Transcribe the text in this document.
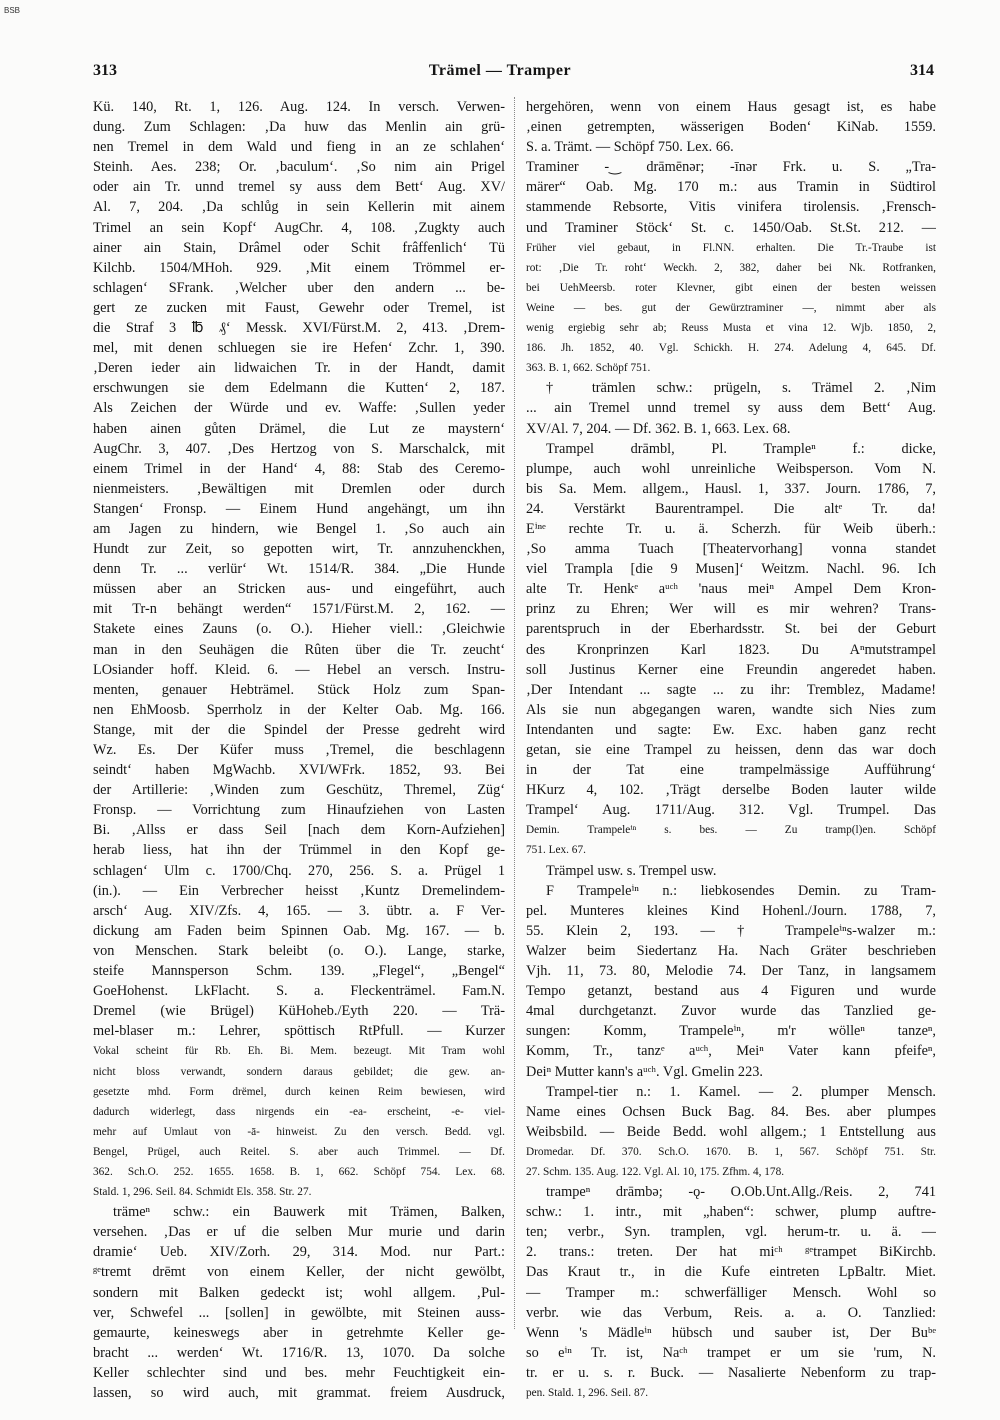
BSB
313	Trämel — Tramper	314
Kü. 140, Rt. 1, 126. Aug. 124. In versch. Verwen-
dung. Zum Schlagen: ‚Da huw das Menlin ain grü-
nen Tremel in dem Wald und fieng in an ze schlahen‘
Steinh. Aes. 238; Or. ‚baculum‘. ‚So nim ain Prigel
oder ain Tr. unnd tremel sy auss dem Bett‘ Aug. XV/
Al. 7, 204. ‚Da schlůg in sein Kellerin mit ainem
Trimel an sein Kopf‘ AugChr. 4, 108. ‚Zugkty auch
ainer ain Stain, Drâmel oder Schit frâffenlich‘ Tü
Kilchb. 1504/MHoh. 929. ‚Mit einem Trömmel er-
schlagen‘ SFrank. ‚Welcher uber den andern ... be-
gert ze zucken mit Faust, Gewehr oder Tremel, ist
die Straf 3 ℔ ₰‘ Messk. XVI/Fürst.M. 2, 413. ‚Drem-
mel, mit denen schluegen sie ire Hefen‘ Zchr. 1, 390.
‚Deren ieder ain lidwaichen Tr. in der Handt, damit
erschwungen sie dem Edelmann die Kutten‘ 2, 187.
Als Zeichen der Würde und ev. Waffe: ‚Sullen yeder
haben ainen gůten Drämel, die Lut ze maystern‘
AugChr. 3, 407. ‚Des Hertzog von S. Marschalck, mit
einem Trimel in der Hand‘ 4, 88: Stab des Ceremo-
nienmeisters. ‚Bewältigen mit Dremlen oder durch
Stangen‘ Fronsp. — Einem Hund angehängt, um ihn
am Jagen zu hindern, wie Bengel 1. ‚So auch ain
Hundt zur Zeit, so gepotten wirt, Tr. annzuhenckhen,
denn Tr. ... verlür‘ Wt. 1514/R. 384. „Die Hunde
müssen aber an Stricken aus- und eingeführt, auch
mit Tr-n behängt werden“ 1571/Fürst.M. 2, 162. —
Stakete eines Zauns (o. O.). Hieher viell.: ‚Gleichwie
man in den Seuhägen die Rûten über die Tr. zeucht‘
LOsiander hoff. Kleid. 6. — Hebel an versch. Instru-
menten, genauer Hebträmel. Stück Holz zum Span-
nen EhMoosb. Sperrholz in der Kelter Oab. Mg. 166.
Stange, mit der die Spindel der Presse gedreht wird
Wz. Es. Der Küfer muss ‚Tremel, die beschlagenn
seindt‘ haben MgWachb. XVI/WFrk. 1852, 93. Bei
der Artillerie: ‚Winden zum Geschütz, Thremel, Züg‘
Fronsp. — Vorrichtung zum Hinaufziehen von Lasten
Bi. ‚Allss er dass Seil [nach dem Korn-Aufziehen]
herab liess, hat ihn der Trümmel in den Kopf ge-
schlagen‘ Ulm c. 1700/Chq. 270, 256. S. a. Prügel 1
(in.). — Ein Verbrecher heisst ‚Kuntz Dremelindem-
arsch‘ Aug. XIV/Zfs. 4, 165. — 3. übtr. a. F Ver-
dickung am Faden beim Spinnen Oab. Mg. 167. — b.
von Menschen. Stark beleibt (o. O.). Lange, starke,
steife Mannsperson Schm. 139. „Flegel“, „Bengel“
GoeHohenst. LkFlacht. S. a. Fleckenträmel. Fam.N.
Dremel (wie Brügel) KüHoheb./Eyth 220. — Trä-
mel-blaser m.: Lehrer, spöttisch RtPfull. — Kurzer
Vokal scheint für Rb. Eh. Bi. Mem. bezeugt. Mit Tram wohl
nicht bloss verwandt, sondern daraus gebildet; die gew. an-
gesetzte mhd. Form drëmel, durch keinen Reim bewiesen, wird
dadurch widerlegt, dass nirgends ein -ea- erscheint, -e- viel-
mehr auf Umlaut von -ā- hinweist. Zu den versch. Bedd. vgl.
Bengel, Prügel, auch Reitel. S. aber auch Trimmel. — Df.
362. Sch.O. 252. 1655. 1658. B. 1, 662. Schöpf 754. Lex. 68.
Stald. 1, 296. Seil. 84. Schmidt Els. 358. Str. 27.
trämeⁿ schw.: ein Bauwerk mit Trämen, Balken,
versehen. ‚Das er uf die selben Mur murie und darin
dramie‘ Ueb. XIV/Zorh. 29, 314. Mod. nur Part.:
ᵍᵉtremt drēmt von einem Keller, der nicht gewölbt,
sondern mit Balken gedeckt ist; wohl allgem. ‚Pul-
ver, Schwefel ... [sollen] in gewölbte, mit Steinen auss-
gemaurte, keineswegs aber in getrehmte Keller ge-
bracht ... werden‘ Wt. 1716/R. 13, 1070. Da solche
Keller schlechter sind und bes. mehr Feuchtigkeit ein-
lassen, so wird auch, mit grammat. freiem Ausdruck,
hergehören, wenn von einem Haus gesagt ist, es habe
‚einen getrempten, wässerigen Boden‘ KiNab. 1559.
S. a. Trämt. — Schöpf 750. Lex. 66.
Traminer -‿ drāmēnər; -īnər Frk. u. S. „Tra-
märer“ Oab. Mg. 170 m.: aus Tramin in Südtirol
stammende Rebsorte, Vitis vinifera tirolensis. ‚Frensch-
und Traminer Stöck‘ St. c. 1450/Oab. St.St. 212. —
Früher viel gebaut, in Fl.NN. erhalten. Die Tr.-Traube ist
rot: ‚Die Tr. roht‘ Weckh. 2, 382, daher bei Nk. Rotfranken,
bei UehMeersb. roter Klevner, gibt einen der besten weissen
Weine — bes. gut der Gewürztraminer —, nimmt aber als
wenig ergiebig sehr ab; Reuss Musta et vina 12. Wjb. 1850, 2,
186. Jh. 1852, 40. Vgl. Schickh. H. 274. Adelung 4, 645. Df.
363. B. 1, 662. Schöpf 751.
† trämlen schw.: prügeln, s. Trämel 2. ‚Nim
... ain Tremel unnd tremel sy auss dem Bett‘ Aug.
XV/Al. 7, 204. — Df. 362. B. 1, 663. Lex. 68.
Trampel drāmbl, Pl. Trampleⁿ f.: dicke,
plumpe, auch wohl unreinliche Weibsperson. Vom N.
bis Sa. Mem. allgem., Hausl. 1, 337. Journ. 1786, 7,
24. Verstärkt Baurentrampel. Die altᵉ Tr. da!
Eⁱⁿᵉ rechte Tr. u. ä. Scherzh. für Weib überh.:
‚So amma Tuach [Theatervorhang] vonna standet
viel Trampla [die 9 Musen]‘ Weitzm. Nachl. 96. Ich
alte Tr. Henkᵉ aᵘᶜʰ 'naus meiⁿ Ampel Dem Kron-
prinz zu Ehren; Wer will es mir wehren? Trans-
parentspruch in der Eberhardsstr. St. bei der Geburt
des Kronprinzen Karl 1823. Du Aⁿmutstrampel
soll Justinus Kerner eine Freundin angeredet haben.
‚Der Intendant ... sagte ... zu ihr: Tremblez, Madame!
Als sie nun abgegangen waren, wandte sich Nies zum
Intendanten und sagte: Ew. Exc. haben ganz recht
getan, sie eine Trampel zu heissen, denn das war doch
in der Tat eine trampelmässige Aufführung‘
HKurz 4, 102. ‚Trägt derselbe Boden lauter wilde
Trampel‘ Aug. 1711/Aug. 312. Vgl. Trumpel. Das
Demin. Trampeleⁱⁿ s. bes. — Zu tramp(l)en. Schöpf
751. Lex. 67.
Trämpel usw. s. Trempel usw.
F Trampeleⁱⁿ n.: liebkosendes Demin. zu Tram-
pel. Munteres kleines Kind Hohenl./Journ. 1788, 7,
55. Klein 2, 193. — † Trampeleⁱⁿs-walzer m.:
Walzer beim Siedertanz Ha. Nach Gräter beschrieben
Vjh. 11, 73. 80, Melodie 74. Der Tanz, in langsamem
Tempo getanzt, bestand aus 4 Figuren und wurde
4mal durchgetanzt. Zuvor wurde das Tanzlied ge-
sungen: Komm, Trampeleⁱⁿ, m'r wölleⁿ tanzeⁿ,
Komm, Tr., tanzᵉ aᵘᶜʰ, Meiⁿ Vater kann pfeifeⁿ,
Deiⁿ Mutter kann's aᵘᶜʰ. Vgl. Gmelin 223.
Trampel-tier n.: 1. Kamel. — 2. plumper Mensch.
Name eines Ochsen Buck Bag. 84. Bes. aber plumpes
Weibsbild. — Beide Bedd. wohl allgem.; 1 Entstellung aus
Dromedar. Df. 370. Sch.O. 1670. B. 1, 567. Schöpf 751. Str.
27. Schm. 135. Aug. 122. Vgl. Al. 10, 175. Zfhm. 4, 178.
trampeⁿ drāmbə; -ǫ- O.Ob.Unt.Allg./Reis. 2, 741
schw.: 1. intr., mit „haben“: schwer, plump auftre-
ten; verbr., Syn. tramplen, vgl. herum-tr. u. ä. —
2. trans.: treten. Der hat miᶜʰ ᵍᵉtrampet BiKirchb.
Das Kraut tr., in die Kufe eintreten LpBaltr. Miet.
— Tramper m.: schwerfälliger Mensch. Wohl so
verbr. wie das Verbum, Reis. a. a. O. Tanzlied:
Wenn 's Mädleⁱⁿ hübsch und sauber ist, Der Buᵇᵉ
so eⁱⁿ Tr. ist, Naᶜʰ trampet er um sie 'rum, N.
tr. er u. s. r. Buck. — Nasalierte Nebenform zu trap-
pen. Stald. 1, 296. Seil. 87.
